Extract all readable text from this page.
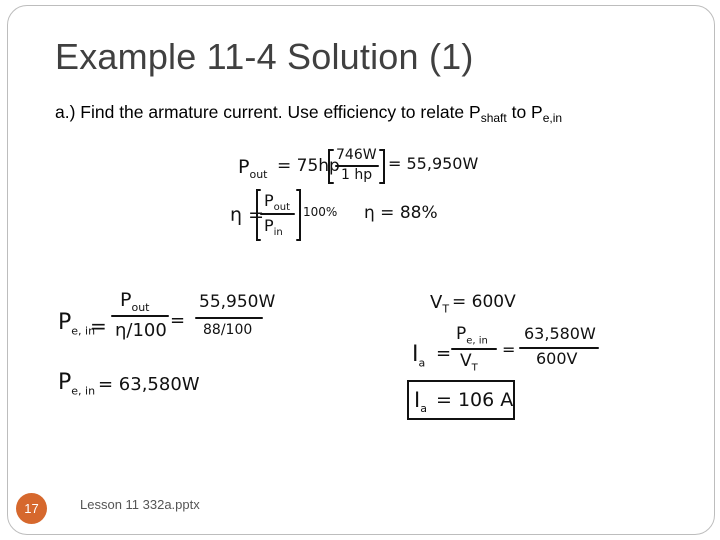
Example 11-4 Solution (1)
a.) Find the armature current. Use efficiency to relate $P_{shaft}$ to $P_{e,in}$
$P_{out} = 75hp$
746W
1 hp
= 55,950W
η =
$P_{out}$
$P_{in}$
100% η = 88%
$P_{e, in}$
=
$P_{out}$
η/100 =
55,950W
88/100
$P_{e, in} = 63,580W$
$V_T = 600V$
$I_a$ =
$P_{e, in}$
$V_T$
=
63,580W
600V
$I_a = 106$ A
17	Lesson 11 332a.pptx
